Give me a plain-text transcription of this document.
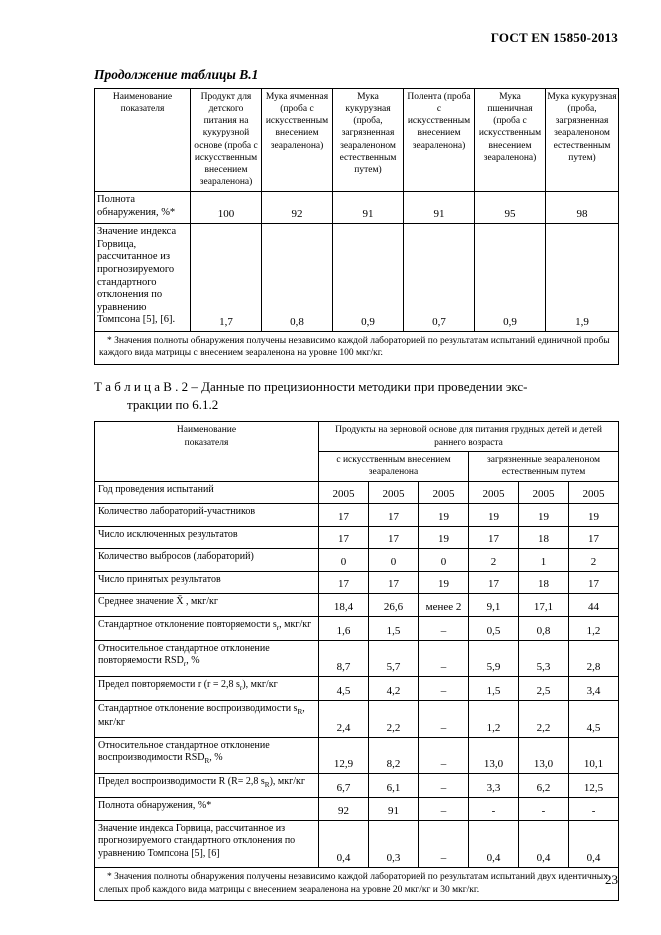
ГОСТ EN 15850-2013
Продолжение таблицы В.1
Наименование
показателя	Продукт для детского питания на кукурузной основе (проба с искусственным внесением зеараленона)	Мука ячменная (проба с искусственным внесением зеараленона)	Мука кукурузная (проба, загрязненная зеараленоном естественным путем)	Полента (проба с искусственным внесением зеараленона)	Мука пшеничная (проба с искусственным внесением зеараленона)	Мука кукурузная (проба, загрязненная зеараленоном естественным путем)
Полнота обнаружения, %*	100	92	91	91	95	98
Значение индекса Горвица, рассчитанное из прогнозируемого стандартного отклонения по уравнению Томпсона [5], [6].	1,7	0,8	0,9	0,7	0,9	1,9
* Значения полноты обнаружения получены независимо каждой лабораторией по результатам испытаний единичной пробы каждого вида матрицы с внесением зеараленона на уровне 100 мкг/кг.						
Т а б л и ц а В . 2 – Данные по прецизионности методики при проведении экс-
тракции по 6.1.2
Наименование
показателя	Продукты на зерновой основе для питания грудных детей и детей раннего возраста					
	с искусственным внесением зеараленона			загрязненные зеараленоном естественным путем		
Год проведения испытаний	2005	2005	2005	2005	2005	2005
Количество лабораторий-участников	17	17	19	19	19	19
Число исключенных результатов	17	17	19	17	18	17
Количество выбросов (лабораторий)	0	0	0	2	1	2
Число принятых результатов	17	17	19	17	18	17
Среднее значение X̄ , мкг/кг	18,4	26,6	менее 2	9,1	17,1	44
Стандартное отклонение повторяемости $s_r$, мкг/кг	1,6	1,5	–	0,5	0,8	1,2
Относительное стандартное отклонение повторяемости $RSD_r$, %	8,7	5,7	–	5,9	5,3	2,8
Предел повторяемости r (r = 2,8 $s_r$), мкг/кг	4,5	4,2	–	1,5	2,5	3,4
Стандартное отклонение воспроизводимости $s_R$, мкг/кг	2,4	2,2	–	1,2	2,2	4,5
Относительное стандартное отклонение воспроизводимости $RSD_R$, %	12,9	8,2	–	13,0	13,0	10,1
Предел воспроизводимости R (R= 2,8 $s_R$), мкг/кг	6,7	6,1	–	3,3	6,2	12,5
Полнота обнаружения, %*	92	91	–	-	-	-
Значение индекса Горвица, рассчитанное из прогнозируемого стандартного отклонения по уравнению Томпсона [5], [6]	0,4	0,3	–	0,4	0,4	0,4
* Значения полноты обнаружения получены независимо каждой лабораторией по результатам испытаний двух идентичных слепых проб каждого вида матрицы с внесением зеараленона на уровне 20 мкг/кг и 30 мкг/кг.						
23
